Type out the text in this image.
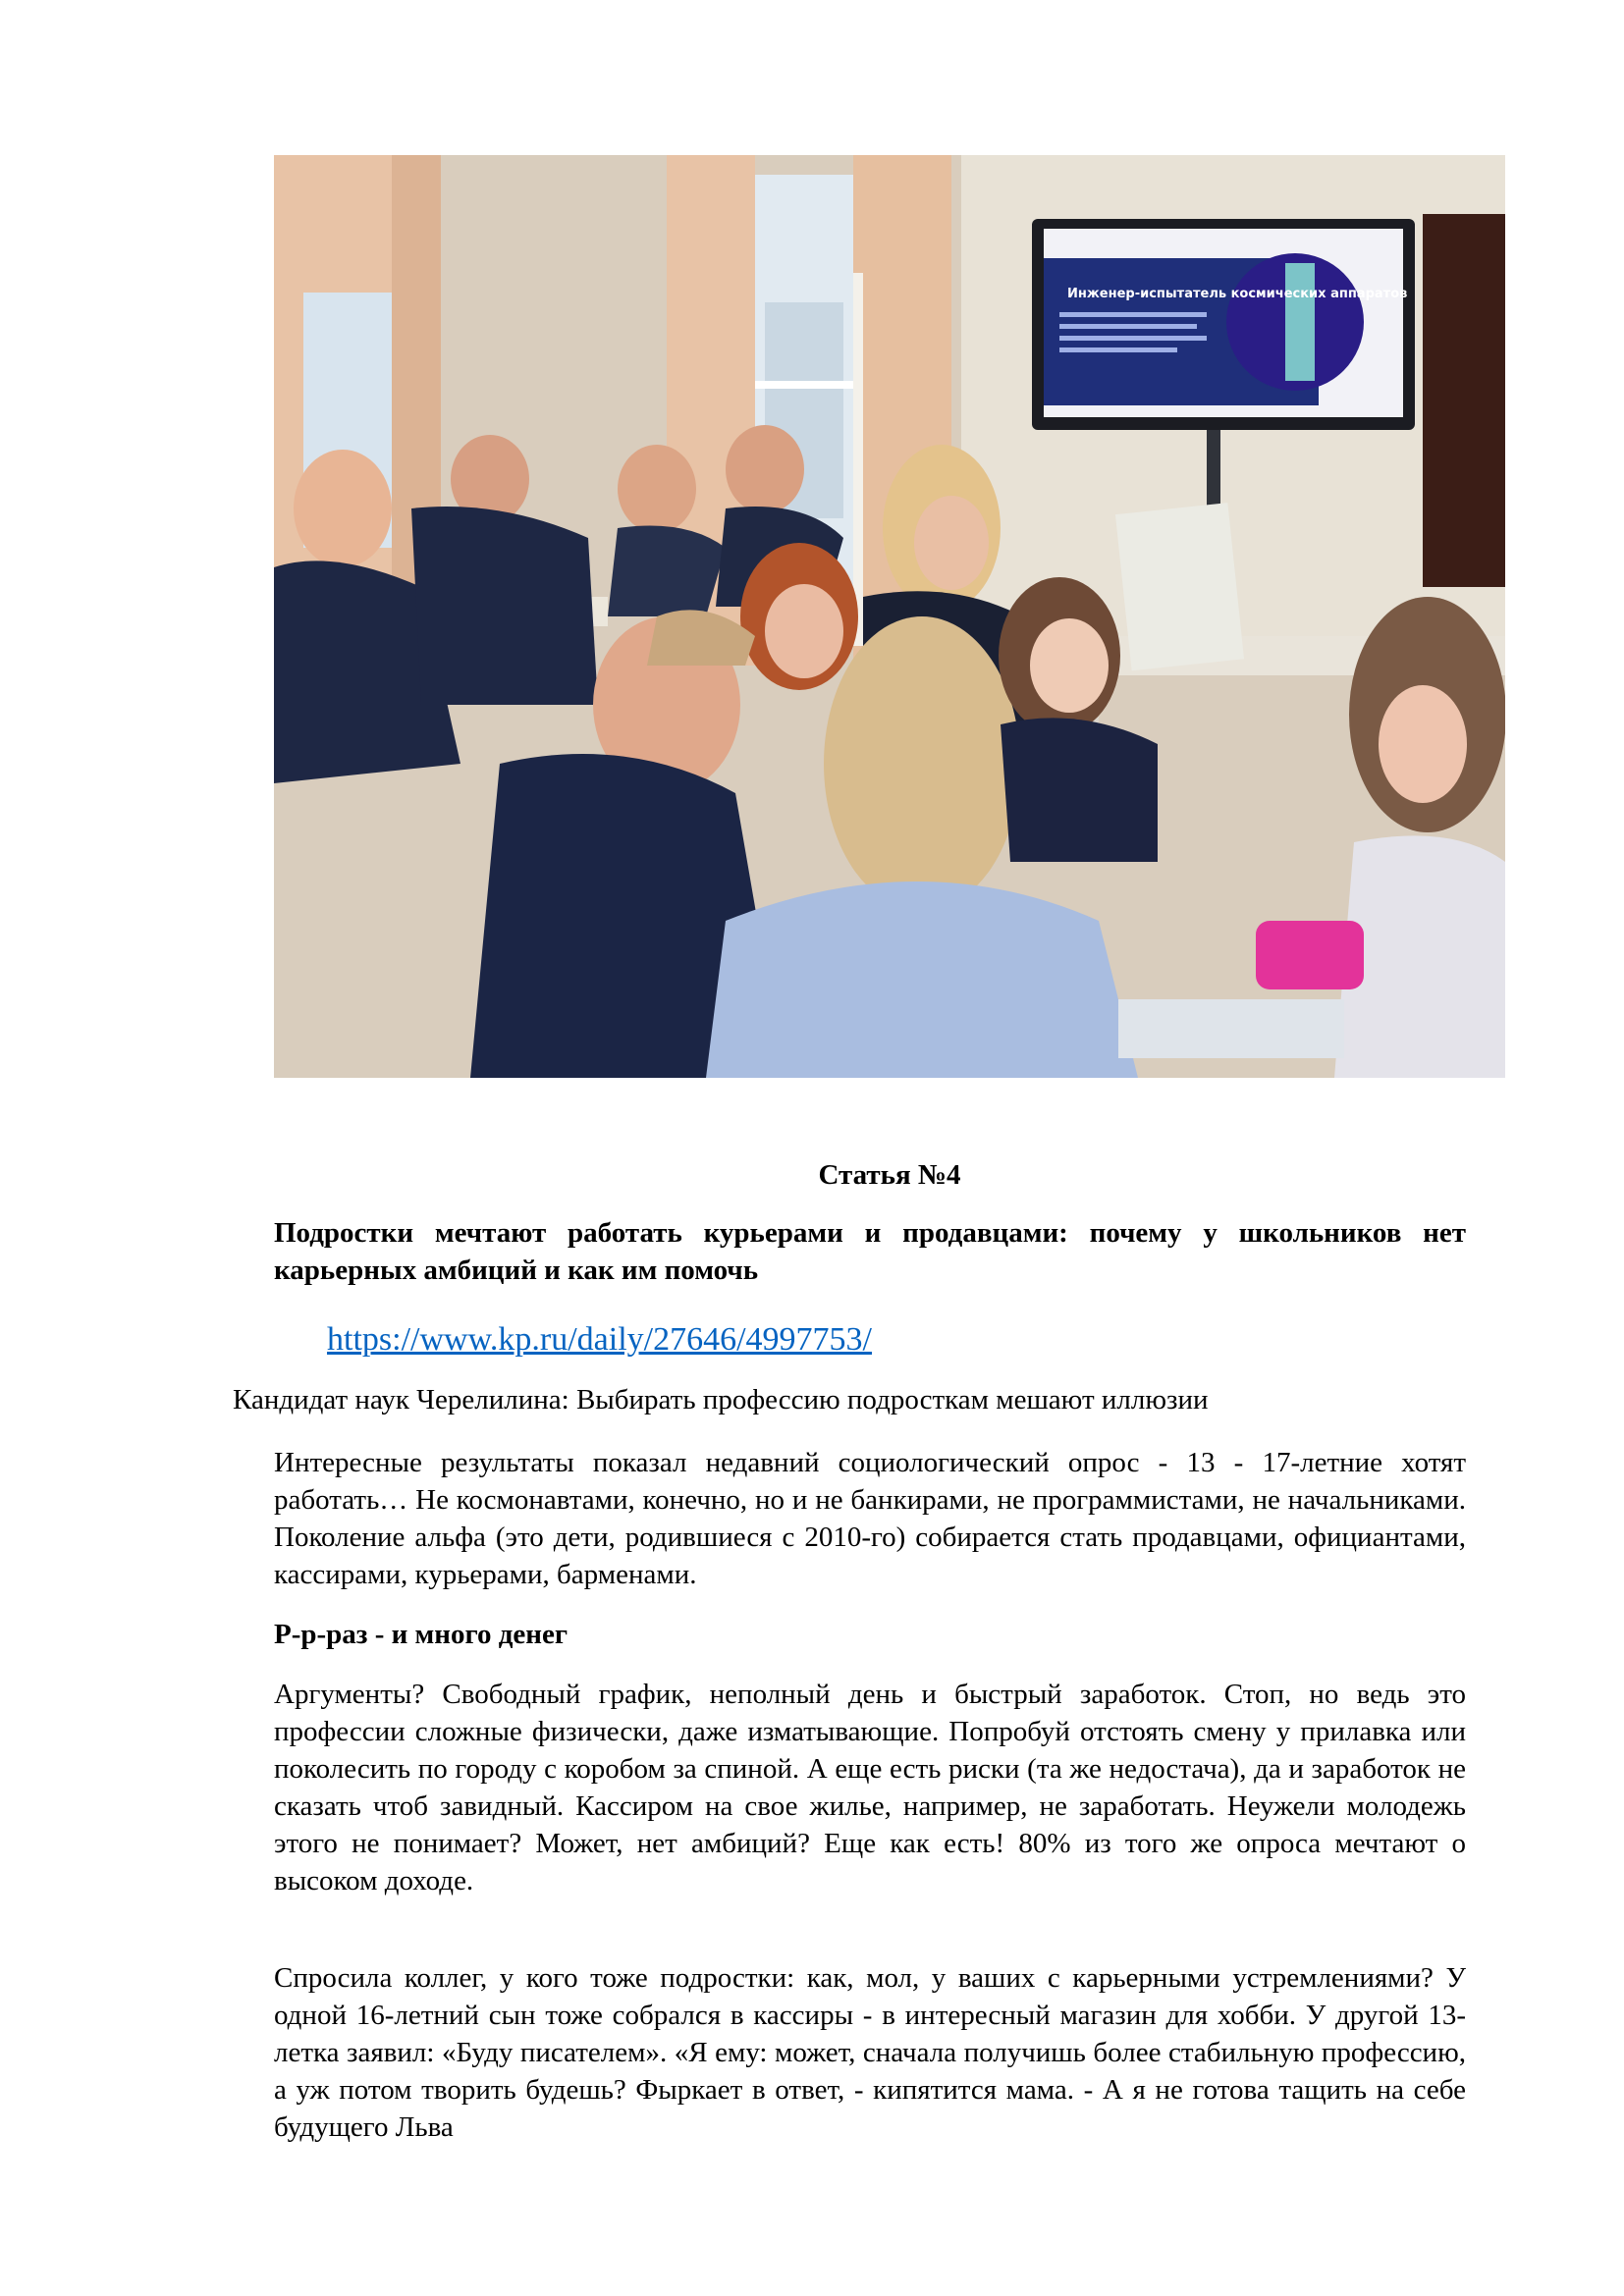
Инженер-испытатель космических аппаратов
Статья №4
Подростки мечтают работать курьерами и продавцами: почему у школьников нет карьерных амбиций и как им помочь
https://www.kp.ru/daily/27646/4997753/
Кандидат наук Черелилина: Выбирать профессию подросткам мешают иллюзии
Интересные результаты показал недавний социологический опрос - 13 - 17-летние хотят работать… Не космонавтами, конечно, но и не банкирами, не программистами, не начальниками. Поколение альфа (это дети, родившиеся с 2010-го) собирается стать продавцами, официантами, кассирами, курьерами, барменами.
Р-р-раз - и много денег
Аргументы? Свободный график, неполный день и быстрый заработок. Стоп, но ведь это профессии сложные физически, даже изматывающие. Попробуй отстоять смену у прилавка или поколесить по городу с коробом за спиной. А еще есть риски (та же недостача), да и заработок не сказать чтоб завидный. Кассиром на свое жилье, например, не заработать. Неужели молодежь этого не понимает? Может, нет амбиций? Еще как есть! 80% из того же опроса мечтают о высоком доходе.
Спросила коллег, у кого тоже подростки: как, мол, у ваших с карьерными устремлениями? У одной 16-летний сын тоже собрался в кассиры - в интересный магазин для хобби. У другой 13-летка заявил: «Буду писателем». «Я ему: может, сначала получишь более стабильную профессию, а уж потом творить будешь? Фыркает в ответ, - кипятится мама. - А я не готова тащить на себе будущего Льва
